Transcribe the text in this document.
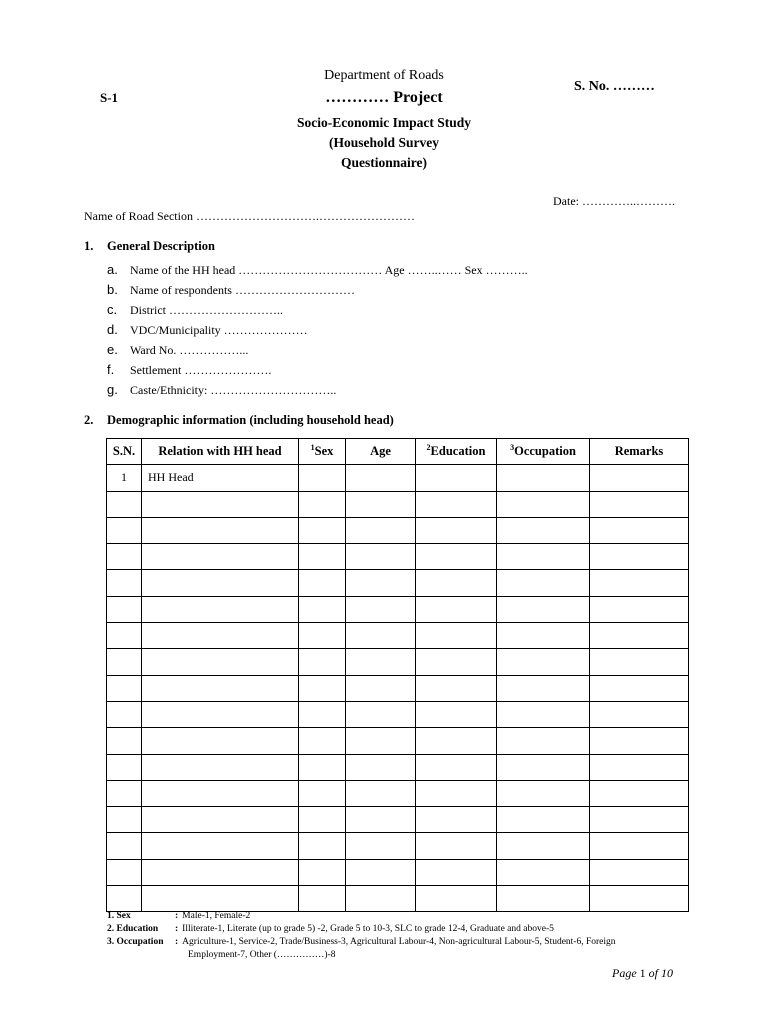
Department of Roads
………… Project
Socio-Economic Impact Study
(Household Survey
Questionnaire)
S-1
S. No. ………
Date: …………..……….
Name of Road Section ………………………….……………………
1. General Description
a. Name of the HH head ……………………………… Age ……..…… Sex ………..
b. Name of respondents …………………………
c. District ………………………..
d. VDC/Municipality …………………
e. Ward No. ……………...
f. Settlement ………………….
g. Caste/Ethnicity: …………………………..
2. Demographic information (including household head)
S.N.	Relation with HH head	$^1$Sex	Age	$^2$Education	$^3$Occupation	Remarks
1	HH Head					

1. Sex	: Male-1, Female-2
2. Education : Illiterate-1, Literate (up to grade 5) -2, Grade 5 to 10-3, SLC to grade 12-4, Graduate and above-5
3. Occupation : Agriculture-1, Service-2, Trade/Business-3, Agricultural Labour-4, Non-agricultural Labour-5, Student-6, Foreign
Employment-7, Other (……………)-8
Page 1 of 10
